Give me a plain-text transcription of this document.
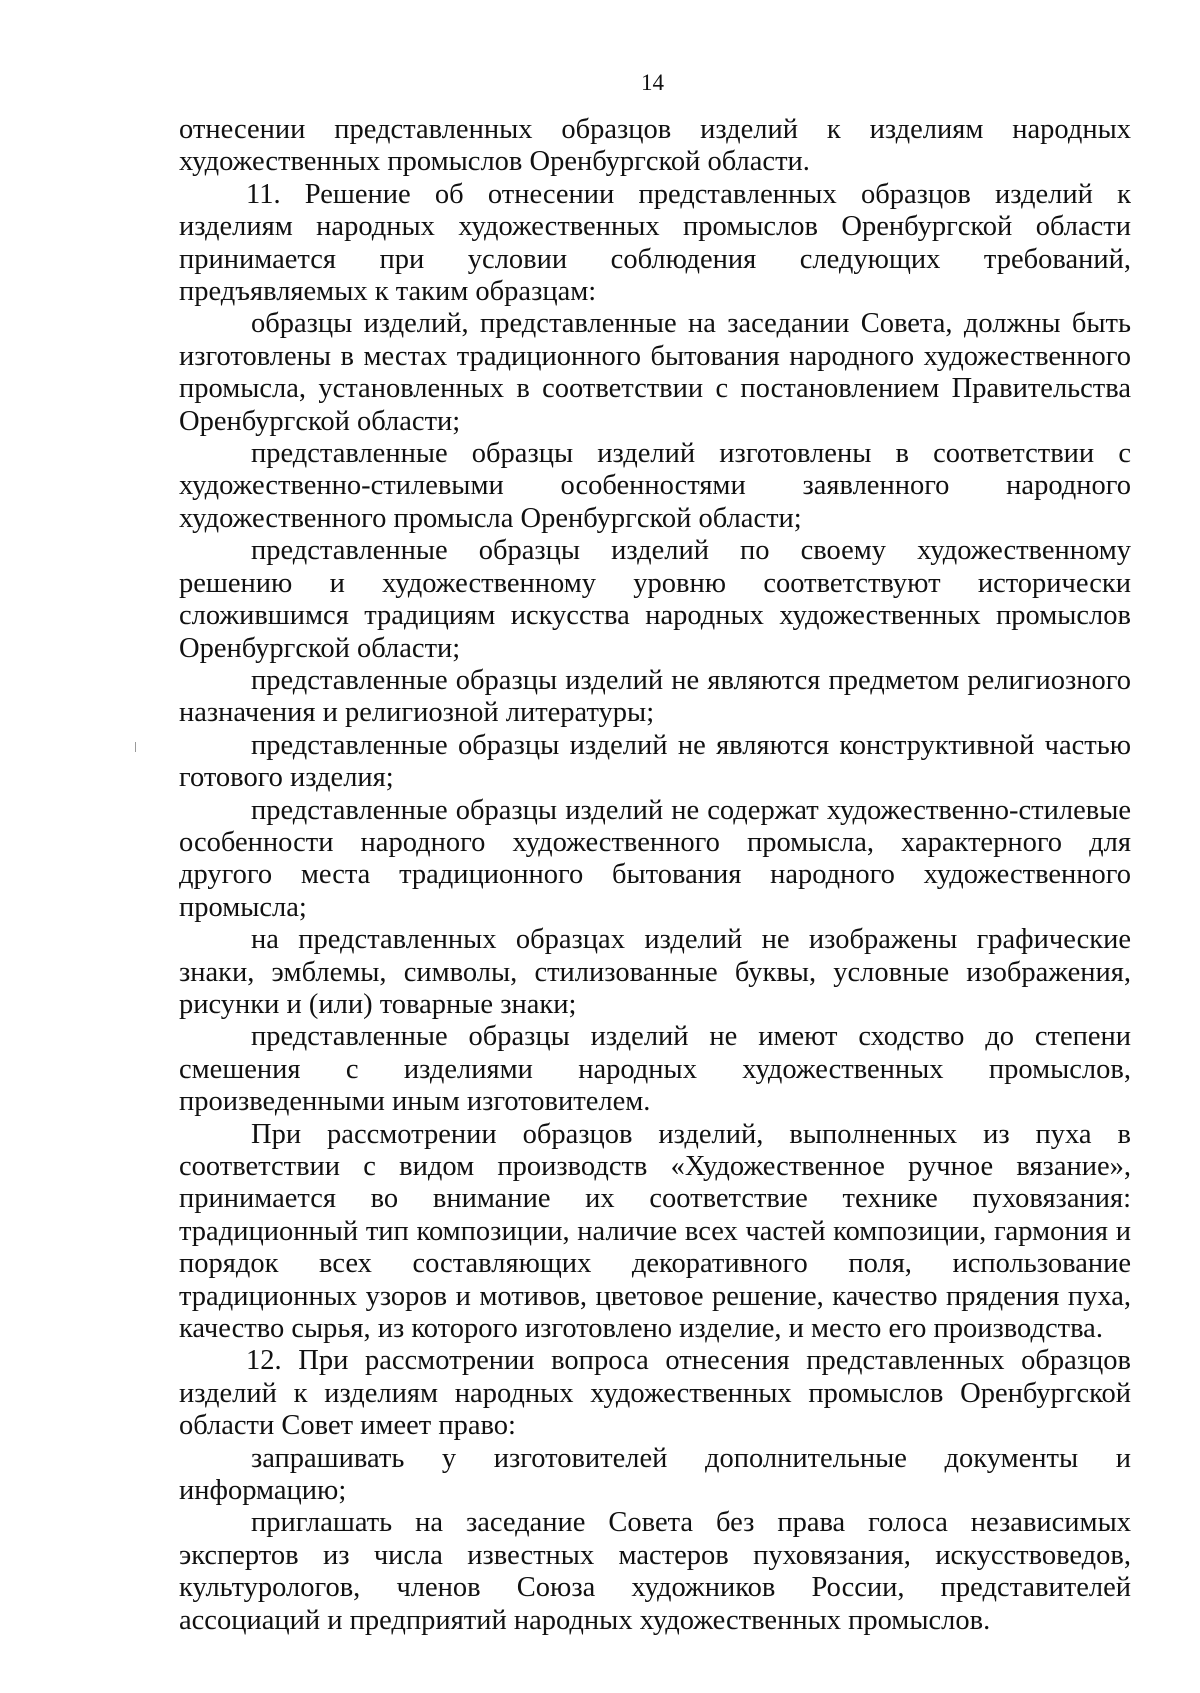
14

отнесении представленных образцов изделий к изделиям народных художественных промыслов Оренбургской области.

11. Решение об отнесении представленных образцов изделий к изделиям народных художественных промыслов Оренбургской области принимается при условии соблюдения следующих требований, предъявляемых к таким образцам:

образцы изделий, представленные на заседании Совета, должны быть изготовлены в местах традиционного бытования народного художественного промысла, установленных в соответствии с постановлением Правительства Оренбургской области;

представленные образцы изделий изготовлены в соответствии с художественно-стилевыми особенностями заявленного народного художественного промысла Оренбургской области;

представленные образцы изделий по своему художественному решению и художественному уровню соответствуют исторически сложившимся традициям искусства народных художественных промыслов Оренбургской области;

представленные образцы изделий не являются предметом религиозного назначения и религиозной литературы;

представленные образцы изделий не являются конструктивной частью готового изделия;

представленные образцы изделий не содержат художественно-стилевые особенности народного художественного промысла, характерного для другого места традиционного бытования народного художественного промысла;

на представленных образцах изделий не изображены графические знаки, эмблемы, символы, стилизованные буквы, условные изображения, рисунки и (или) товарные знаки;

представленные образцы изделий не имеют сходство до степени смешения с изделиями народных художественных промыслов, произведенными иным изготовителем.

При рассмотрении образцов изделий, выполненных из пуха в соответствии с видом производств «Художественное ручное вязание», принимается во внимание их соответствие технике пуховязания: традиционный тип композиции, наличие всех частей композиции, гармония и порядок всех составляющих декоративного поля, использование традиционных узоров и мотивов, цветовое решение, качество прядения пуха, качество сырья, из которого изготовлено изделие, и место его производства.

12. При рассмотрении вопроса отнесения представленных образцов изделий к изделиям народных художественных промыслов Оренбургской области Совет имеет право:

запрашивать у изготовителей дополнительные документы и информацию;

приглашать на заседание Совета без права голоса независимых экспертов из числа известных мастеров пуховязания, искусствоведов, культурологов, членов Союза художников России, представителей ассоциаций и предприятий народных художественных промыслов.
